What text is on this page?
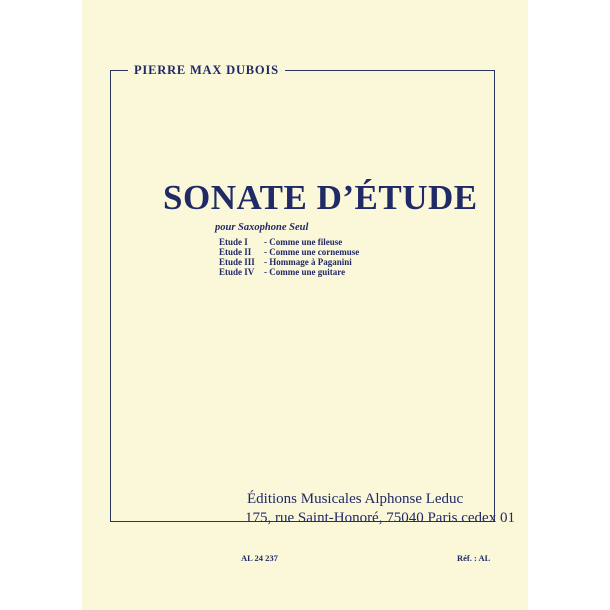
PIERRE MAX DUBOIS
SONATE D’ÉTUDE
pour Saxophone Seul
Etude I	- Comme une fileuse
Etude II	- Comme une cornemuse
Etude III	- Hommage à Paganini
Etude IV	- Comme une guitare
Éditions Musicales Alphonse Leduc
175, rue Saint-Honoré, 75040 Paris cedex 01
AL 24 237	Réf. : AL
